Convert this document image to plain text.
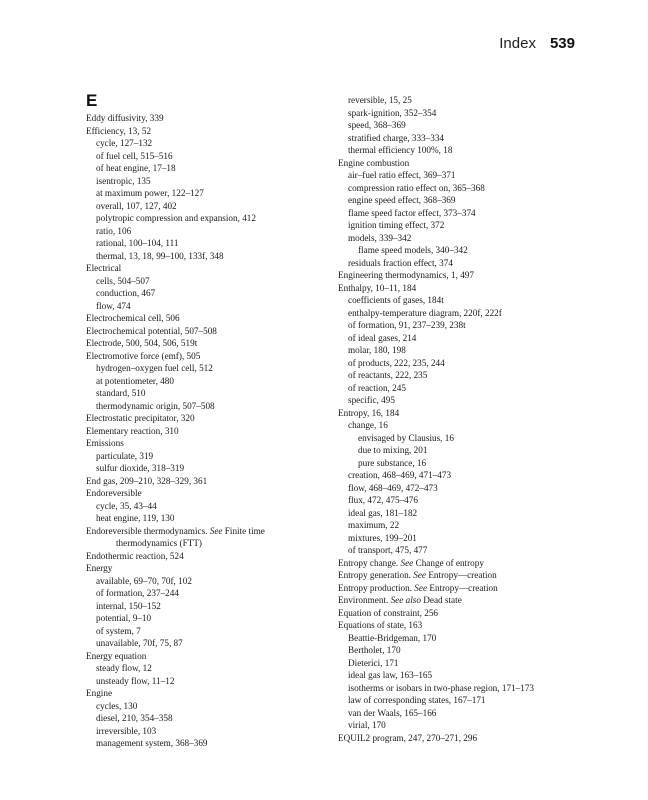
Index 539
E
Eddy diffusivity, 339
Efficiency, 13, 52
cycle, 127–132
of fuel cell, 515–516
of heat engine, 17–18
isentropic, 135
at maximum power, 122–127
overall, 107, 127, 402
polytropic compression and expansion, 412
ratio, 106
rational, 100–104, 111
thermal, 13, 18, 99–100, 133f, 348
Electrical
cells, 504–507
conduction, 467
flow, 474
Electrochemical cell, 506
Electrochemical potential, 507–508
Electrode, 500, 504, 506, 519t
Electromotive force (emf), 505
hydrogen–oxygen fuel cell, 512
at potentiometer, 480
standard, 510
thermodynamic origin, 507–508
Electrostatic precipitator, 320
Elementary reaction, 310
Emissions
particulate, 319
sulfur dioxide, 318–319
End gas, 209–210, 328–329, 361
Endoreversible
cycle, 35, 43–44
heat engine, 119, 130
Endoreversible thermodynamics. See Finite time
thermodynamics (FTT)
Endothermic reaction, 524
Energy
available, 69–70, 70f, 102
of formation, 237–244
internal, 150–152
potential, 9–10
of system, 7
unavailable, 70f, 75, 87
Energy equation
steady flow, 12
unsteady flow, 11–12
Engine
cycles, 130
diesel, 210, 354–358
irreversible, 103
management system, 368–369
reversible, 15, 25
spark-ignition, 352–354
speed, 368–369
stratified charge, 333–334
thermal efficiency 100%, 18
Engine combustion
air–fuel ratio effect, 369–371
compression ratio effect on, 365–368
engine speed effect, 368–369
flame speed factor effect, 373–374
ignition timing effect, 372
models, 339–342
flame speed models, 340–342
residuals fraction effect, 374
Engineering thermodynamics, 1, 497
Enthalpy, 10–11, 184
coefficients of gases, 184t
enthalpy-temperature diagram, 220f, 222f
of formation, 91, 237–239, 238t
of ideal gases, 214
molar, 180, 198
of products, 222, 235, 244
of reactants, 222, 235
of reaction, 245
specific, 495
Entropy, 16, 184
change, 16
envisaged by Clausius, 16
due to mixing, 201
pure substance, 16
creation, 468–469, 471–473
flow, 468–469, 472–473
flux, 472, 475–476
ideal gas, 181–182
maximum, 22
mixtures, 199–201
of transport, 475, 477
Entropy change. See Change of entropy
Entropy generation. See Entropy—creation
Entropy production. See Entropy—creation
Environment. See also Dead state
Equation of constraint, 256
Equations of state, 163
Beattie-Bridgeman, 170
Bertholet, 170
Dieterici, 171
ideal gas law, 163–165
isotherms or isobars in two-phase region, 171–173
law of corresponding states, 167–171
van der Waals, 165–166
virial, 170
EQUIL2 program, 247, 270–271, 296
